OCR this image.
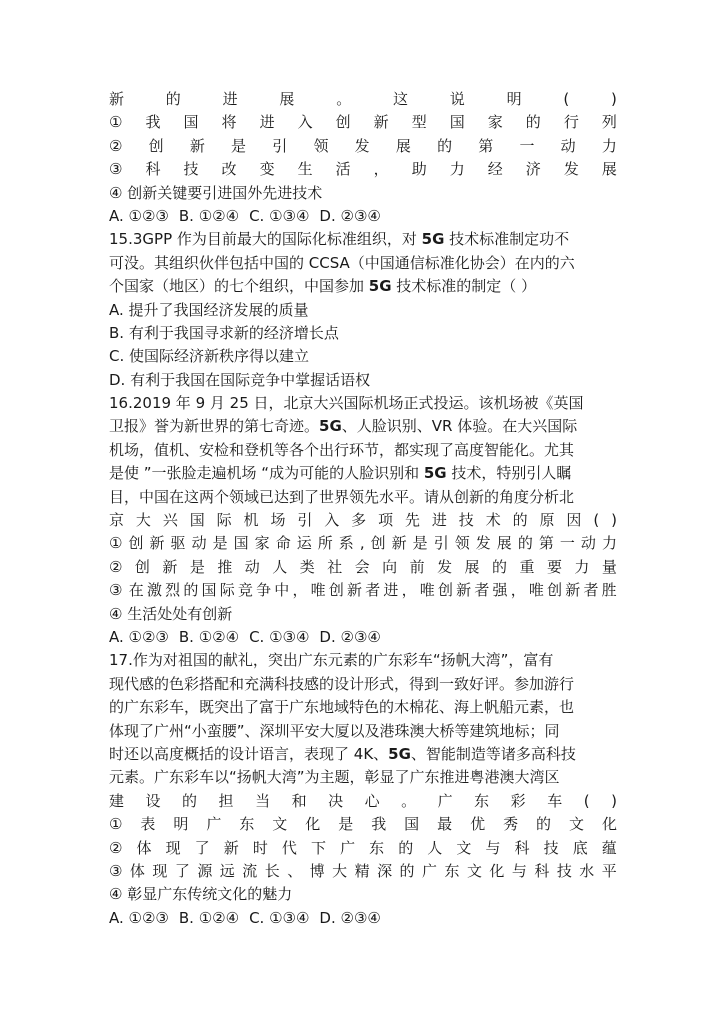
新	的	进	展	。	这	说	明	(	)
① 我 国 将 进 入 创 新 型 国 家 的 行 列
② 创 新 是 引 领 发 展 的 第 一 动 力
③ 科 技 改 变 生 活 ， 助 力 经 济 发 展
④ 创新关键要引进国外先进技术
A. ①②③ B. ①②④ C. ①③④ D. ②③④
15.3GPP 作为目前最大的国际化标准组织，对 5G 技术标准制定功不
可没。其组织伙伴包括中国的 CCSA（中国通信标准化协会）在内的六
个国家（地区）的七个组织，中国参加 5G 技术标准的制定（ ）
A. 提升了我国经济发展的质量
B. 有利于我国寻求新的经济增长点
C. 使国际经济新秩序得以建立
D. 有利于我国在国际竞争中掌握话语权
16.2019 年 9 月 25 日，北京大兴国际机场正式投运。该机场被《英国
卫报》誉为新世界的第七奇迹。5G、人脸识别、VR 体验。在大兴国际
机场，值机、安检和登机等各个出行环节，都实现了高度智能化。尤其
是使 ”一张脸走遍机场 “成为可能的人脸识别和 5G 技术，特别引人瞩
目，中国在这两个领域已达到了世界领先水平。请从创新的角度分析北
京 大 兴 国 际 机 场 引 入 多 项 先 进 技 术 的 原 因 ( )
① 创 新 驱 动 是 国 家 命 运 所 系 , 创 新 是 引 领 发 展 的 第 一 动 力
② 创 新 是 推 动 人 类 社 会 向 前 发 展 的 重 要 力 量
③ 在 激 烈 的 国 际 竞 争 中 ， 唯 创 新 者 进 ， 唯 创 新 者 强 ， 唯 创 新 者 胜
④ 生活处处有创新
A. ①②③ B. ①②④ C. ①③④ D. ②③④
17.作为对祖国的献礼，突出广东元素的广东彩车“扬帆大湾”，富有
现代感的色彩搭配和充满科技感的设计形式，得到一致好评。参加游行
的广东彩车，既突出了富于广东地域特色的木棉花、海上帆船元素，也
体现了广州“小蛮腰”、深圳平安大厦以及港珠澳大桥等建筑地标；同
时还以高度概括的设计语言，表现了 4K、5G、智能制造等诸多高科技
元素。广东彩车以“扬帆大湾”为主题，彰显了广东推进粤港澳大湾区
建 设 的 担 当 和 决 心 。 广 东 彩 车 ( )
① 表 明 广 东 文 化 是 我 国 最 优 秀 的 文 化
② 体 现 了 新 时 代 下 广 东 的 人 文 与 科 技 底 蕴
③ 体 现 了 源 远 流 长 、 博 大 精 深 的 广 东 文 化 与 科 技 水 平
④ 彰显广东传统文化的魅力
A. ①②③ B. ①②④ C. ①③④ D. ②③④
